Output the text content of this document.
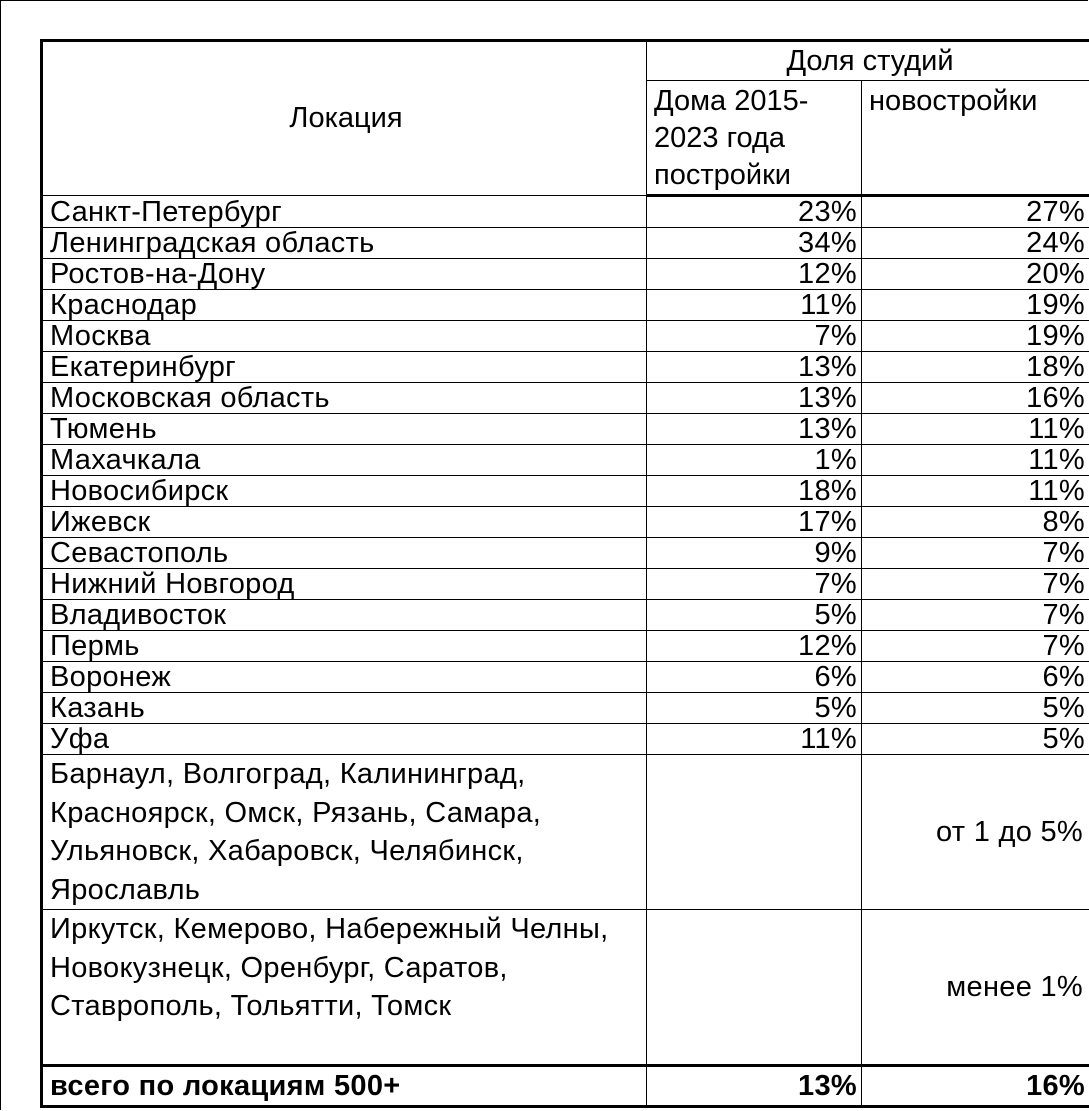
Локация	Доля студий	
	Дома 2015-2023 года постройки	новостройки
Санкт-Петербург	23%	27%
Ленинградская область	34%	24%
Ростов-на-Дону	12%	20%
Краснодар	11%	19%
Москва	7%	19%
Екатеринбург	13%	18%
Московская область	13%	16%
Тюмень	13%	11%
Махачкала	1%	11%
Новосибирск	18%	11%
Ижевск	17%	8%
Севастополь	9%	7%
Нижний Новгород	7%	7%
Владивосток	5%	7%
Пермь	12%	7%
Воронеж	6%	6%
Казань	5%	5%
Уфа	11%	5%
Барнаул, Волгоград, Калининград, Красноярск, Омск, Рязань, Самара, Ульяновск, Хабаровск, Челябинск, Ярославль		от 1 до 5%
Иркутск, Кемерово, Набережный Челны, Новокузнецк, Оренбург, Саратов, Ставрополь, Тольятти, Томск		менее 1%
всего по локациям 500+	13%	16%
